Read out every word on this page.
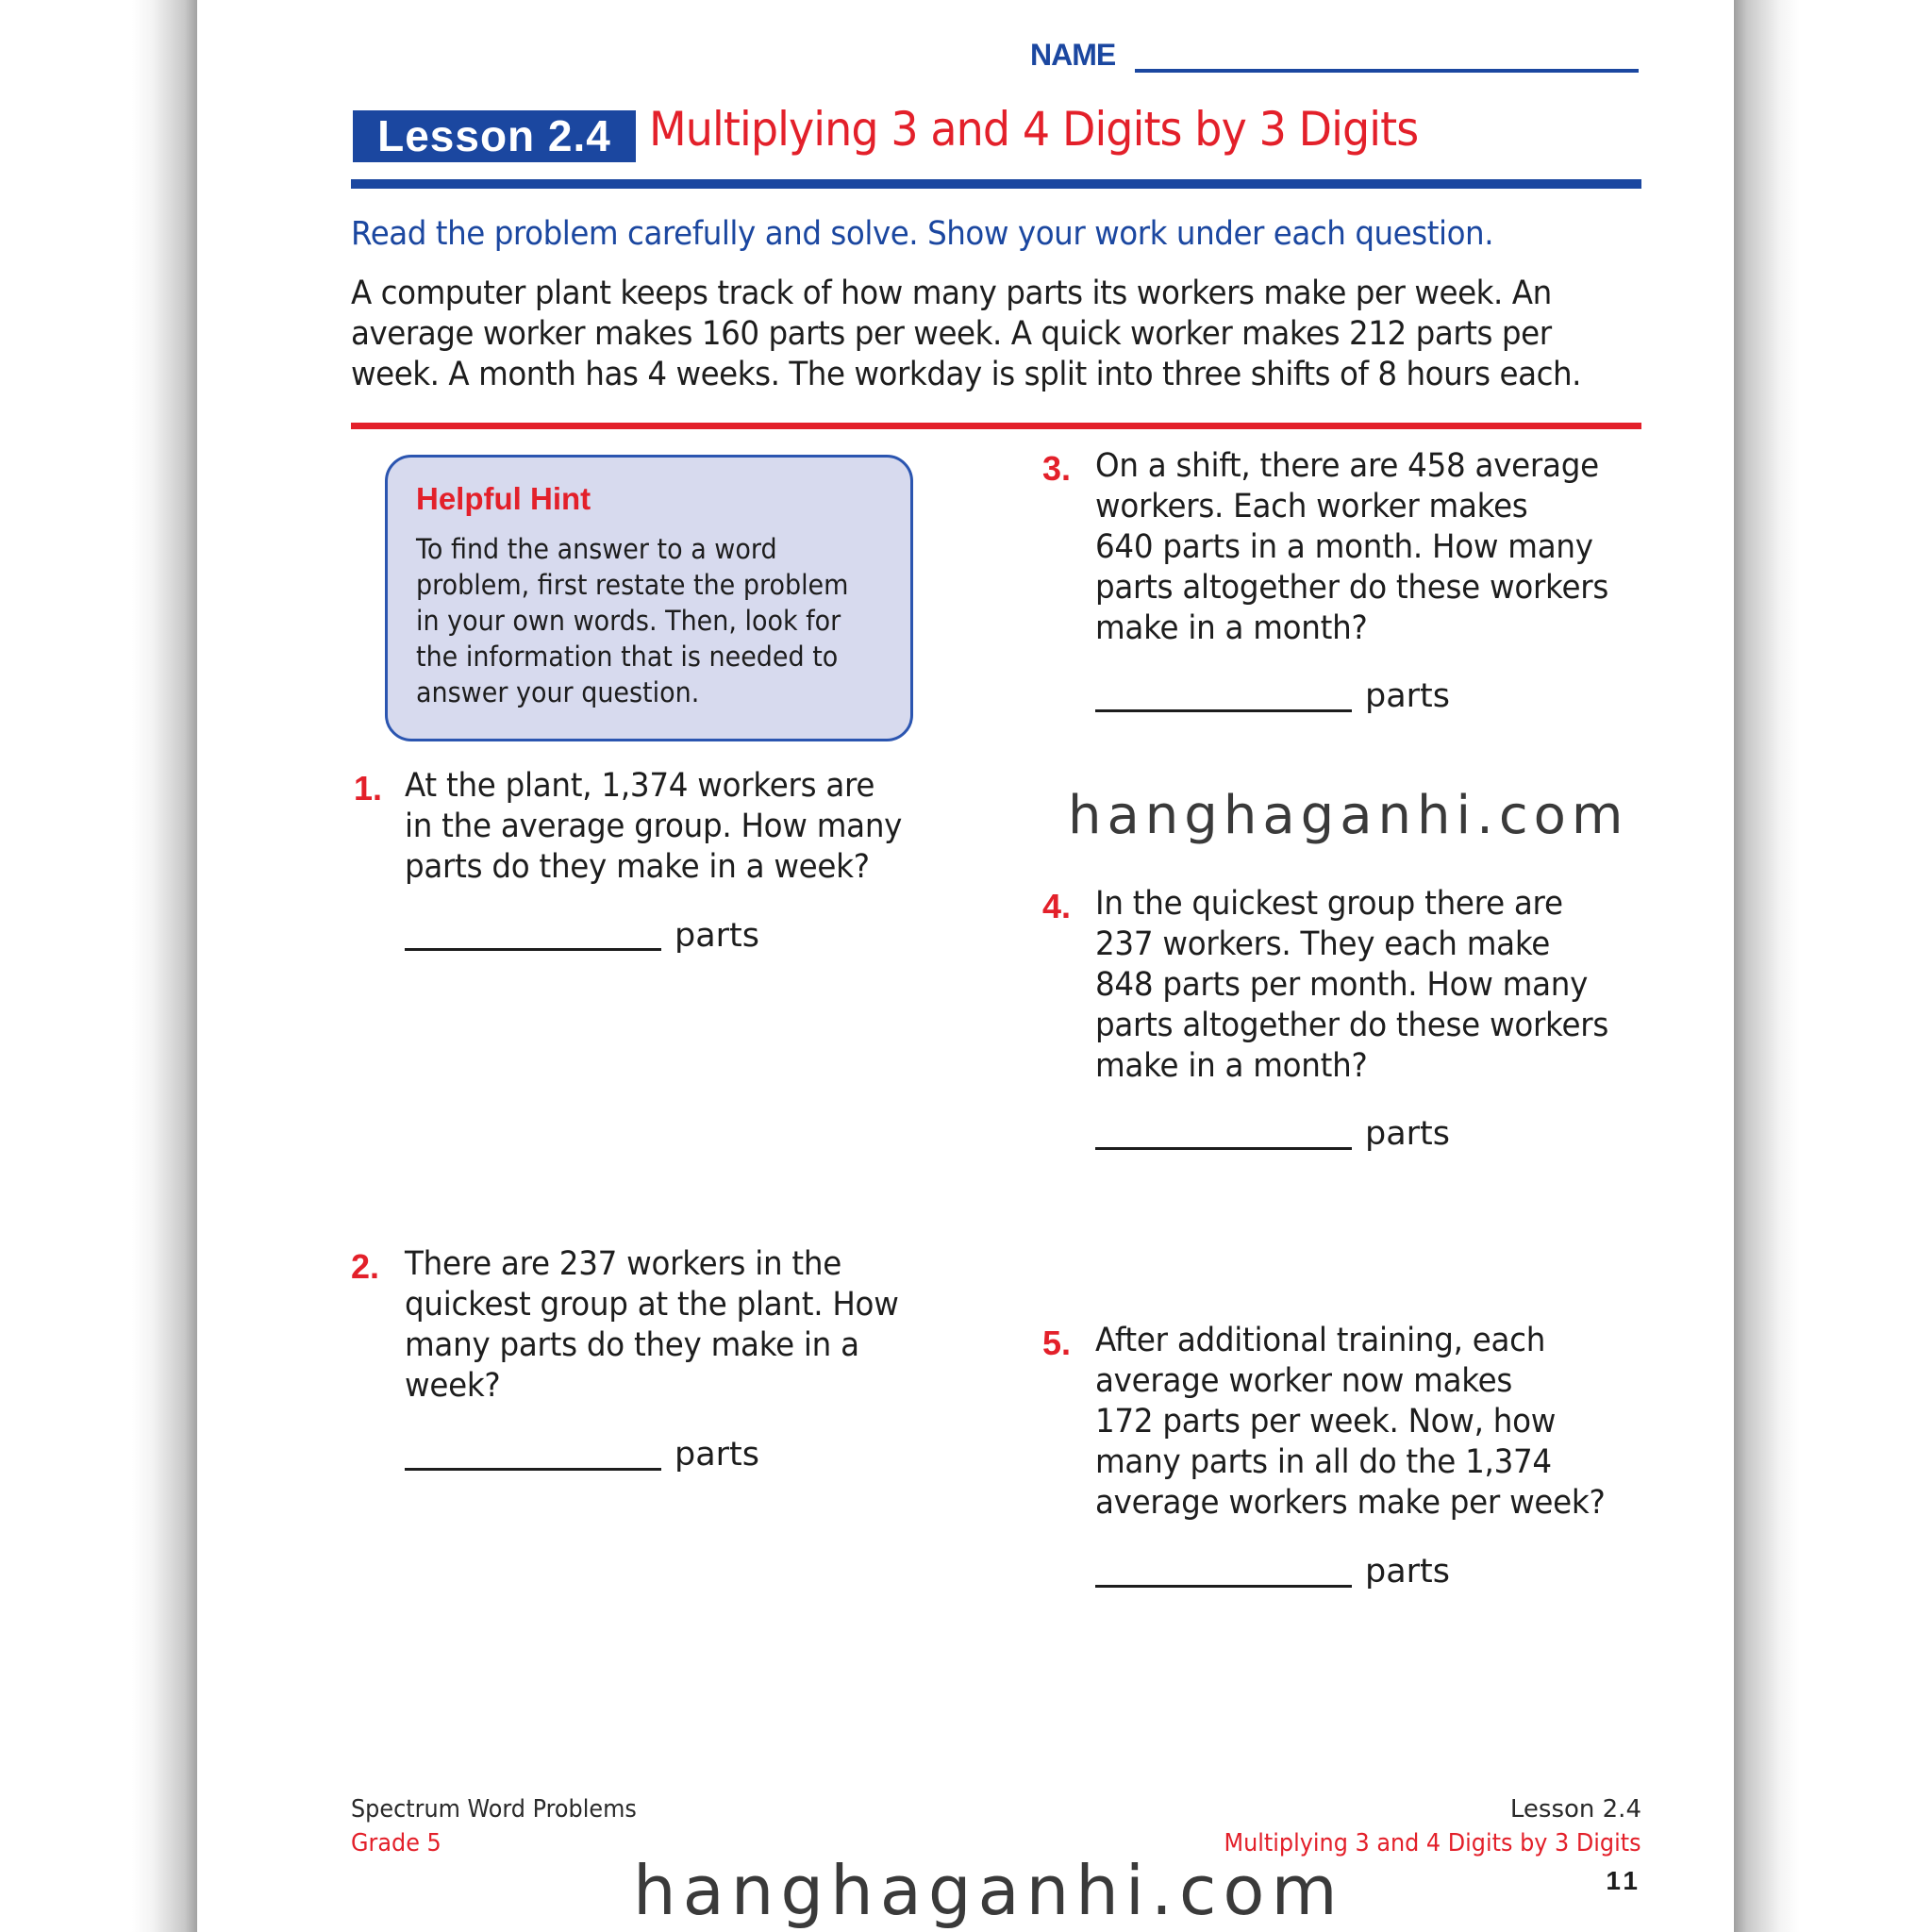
NAME
Lesson 2.4 Multiplying 3 and 4 Digits by 3 Digits
Read the problem carefully and solve. Show your work under each question.
A computer plant keeps track of how many parts its workers make per week. An
average worker makes 160 parts per week. A quick worker makes 212 parts per
week. A month has 4 weeks. The workday is split into three shifts of 8 hours each.
Helpful Hint
To find the answer to a word
problem, first restate the problem
in your own words. Then, look for
the information that is needed to
answer your question.
1. At the plant, 1,374 workers are
in the average group. How many
parts do they make in a week?
parts
2. There are 237 workers in the
quickest group at the plant. How
many parts do they make in a
week?
parts
3. On a shift, there are 458 average
workers. Each worker makes
640 parts in a month. How many
parts altogether do these workers
make in a month?
parts
hanghaganhi.com
4. In the quickest group there are
237 workers. They each make
848 parts per month. How many
parts altogether do these workers
make in a month?
parts
5. After additional training, each
average worker now makes
172 parts per week. Now, how
many parts in all do the 1,374
average workers make per week?
parts
Spectrum Word Problems
Grade 5
Lesson 2.4
Multiplying 3 and 4 Digits by 3 Digits
11
hanghaganhi.com
